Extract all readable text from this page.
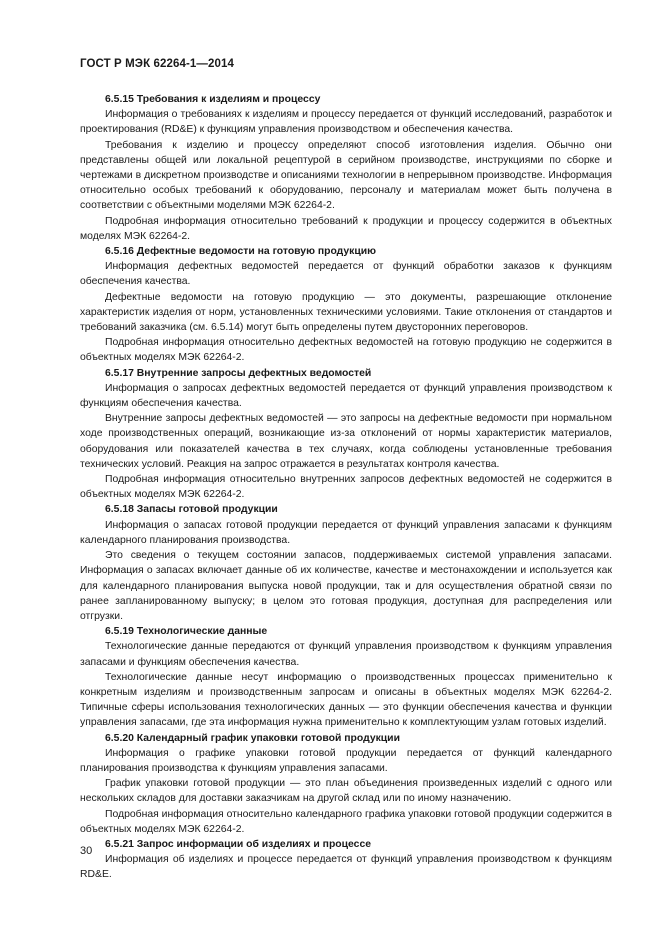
ГОСТ Р МЭК 62264-1—2014
6.5.15 Требования к изделиям и процессу

Информация о требованиях к изделиям и процессу передается от функций исследований, разработок и проектирования (RD&E) к функциям управления производством и обеспечения качества.

Требования к изделию и процессу определяют способ изготовления изделия. Обычно они представлены общей или локальной рецептурой в серийном производстве, инструкциями по сборке и чертежами в дискретном производстве и описаниями технологии в непрерывном производстве. Информация относительно особых требований к оборудованию, персоналу и материалам может быть получена в соответствии с объектными моделями МЭК 62264-2.

Подробная информация относительно требований к продукции и процессу содержится в объектных моделях МЭК 62264-2.

6.5.16 Дефектные ведомости на готовую продукцию

Информация дефектных ведомостей передается от функций обработки заказов к функциям обеспечения качества.

Дефектные ведомости на готовую продукцию — это документы, разрешающие отклонение характеристик изделия от норм, установленных техническими условиями. Такие отклонения от стандартов и требований заказчика (см. 6.5.14) могут быть определены путем двусторонних переговоров.

Подробная информация относительно дефектных ведомостей на готовую продукцию не содержится в объектных моделях МЭК 62264-2.

6.5.17 Внутренние запросы дефектных ведомостей

Информация о запросах дефектных ведомостей передается от функций управления производством к функциям обеспечения качества.

Внутренние запросы дефектных ведомостей — это запросы на дефектные ведомости при нормальном ходе производственных операций, возникающие из-за отклонений от нормы характеристик материалов, оборудования или показателей качества в тех случаях, когда соблюдены установленные требования технических условий. Реакция на запрос отражается в результатах контроля качества.

Подробная информация относительно внутренних запросов дефектных ведомостей не содержится в объектных моделях МЭК 62264-2.

6.5.18 Запасы готовой продукции

Информация о запасах готовой продукции передается от функций управления запасами к функциям календарного планирования производства.

Это сведения о текущем состоянии запасов, поддерживаемых системой управления запасами. Информация о запасах включает данные об их количестве, качестве и местонахождении и используется как для календарного планирования выпуска новой продукции, так и для осуществления обратной связи по ранее запланированному выпуску; в целом это готовая продукция, доступная для распределения или отгрузки.

6.5.19 Технологические данные

Технологические данные передаются от функций управления производством к функциям управления запасами и функциям обеспечения качества.

Технологические данные несут информацию о производственных процессах применительно к конкретным изделиям и производственным запросам и описаны в объектных моделях МЭК 62264-2. Типичные сферы использования технологических данных — это функции обеспечения качества и функции управления запасами, где эта информация нужна применительно к комплектующим узлам готовых изделий.

6.5.20 Календарный график упаковки готовой продукции

Информация о графике упаковки готовой продукции передается от функций календарного планирования производства к функциям управления запасами.

График упаковки готовой продукции — это план объединения произведенных изделий с одного или нескольких складов для доставки заказчикам на другой склад или по иному назначению.

Подробная информация относительно календарного графика упаковки готовой продукции содержится в объектных моделях МЭК 62264-2.

6.5.21 Запрос информации об изделиях и процессе

Информация об изделиях и процессе передается от функций управления производством к функциям RD&E.

30
